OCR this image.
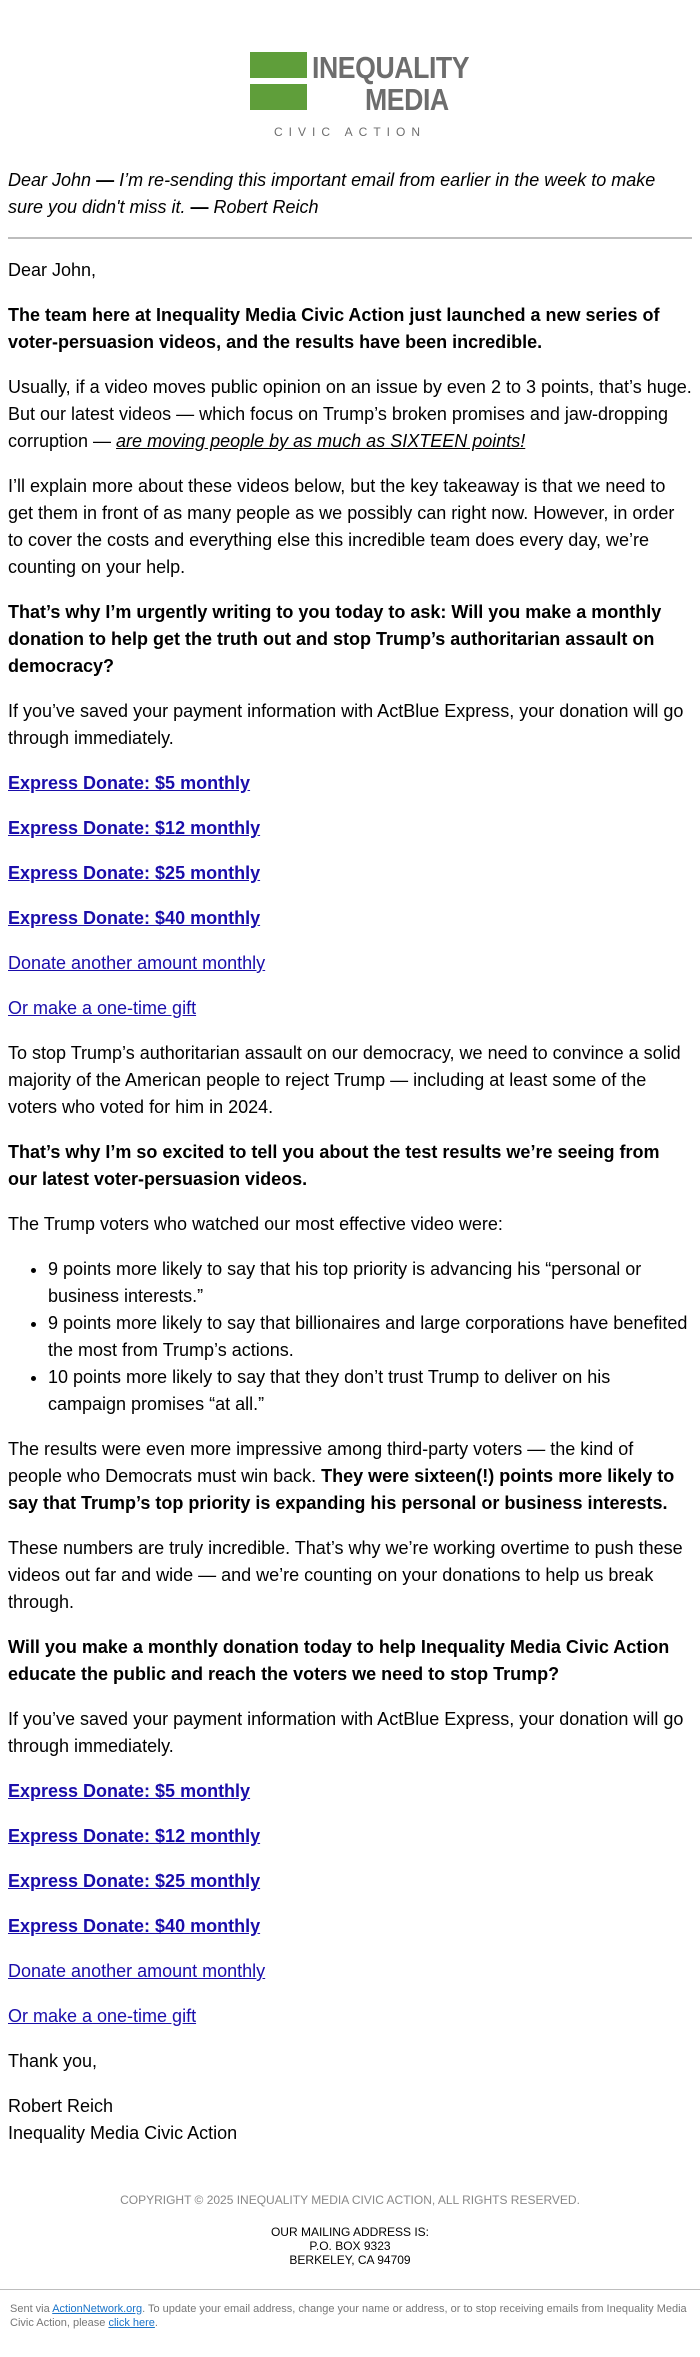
INEQUALITY
MEDIA
CIVIC ACTION

Dear John — I’m re-sending this important email from earlier in the week to make sure you didn't miss it. — Robert Reich

Dear John,

The team here at Inequality Media Civic Action just launched a new series of voter-persuasion videos, and the results have been incredible.

Usually, if a video moves public opinion on an issue by even 2 to 3 points, that’s huge. But our latest videos — which focus on Trump’s broken promises and jaw-dropping corruption — are moving people by as much as SIXTEEN points!

I’ll explain more about these videos below, but the key takeaway is that we need to get them in front of as many people as we possibly can right now. However, in order to cover the costs and everything else this incredible team does every day, we’re counting on your help.

That’s why I’m urgently writing to you today to ask: Will you make a monthly donation to help get the truth out and stop Trump’s authoritarian assault on democracy?

If you’ve saved your payment information with ActBlue Express, your donation will go through immediately.

Express Donate: $5 monthly

Express Donate: $12 monthly

Express Donate: $25 monthly

Express Donate: $40 monthly

Donate another amount monthly

Or make a one-time gift

To stop Trump’s authoritarian assault on our democracy, we need to convince a solid majority of the American people to reject Trump — including at least some of the voters who voted for him in 2024.

That’s why I’m so excited to tell you about the test results we’re seeing from our latest voter-persuasion videos.

The Trump voters who watched our most effective video were:

• 9 points more likely to say that his top priority is advancing his “personal or business interests.”
• 9 points more likely to say that billionaires and large corporations have benefited the most from Trump’s actions.
• 10 points more likely to say that they don’t trust Trump to deliver on his campaign promises “at all.”

The results were even more impressive among third-party voters — the kind of people who Democrats must win back. They were sixteen(!) points more likely to say that Trump’s top priority is expanding his personal or business interests.

These numbers are truly incredible. That’s why we’re working overtime to push these videos out far and wide — and we’re counting on your donations to help us break through.

Will you make a monthly donation today to help Inequality Media Civic Action educate the public and reach the voters we need to stop Trump?

If you’ve saved your payment information with ActBlue Express, your donation will go through immediately.

Express Donate: $5 monthly

Express Donate: $12 monthly

Express Donate: $25 monthly

Express Donate: $40 monthly

Donate another amount monthly

Or make a one-time gift

Thank you,

Robert Reich
Inequality Media Civic Action

COPYRIGHT © 2025 INEQUALITY MEDIA CIVIC ACTION, ALL RIGHTS RESERVED.
OUR MAILING ADDRESS IS:
P.O. BOX 9323
BERKELEY, CA 94709
Sent via ActionNetwork.org. To update your email address, change your name or address, or to stop receiving emails from Inequality Media Civic Action, please click here.
